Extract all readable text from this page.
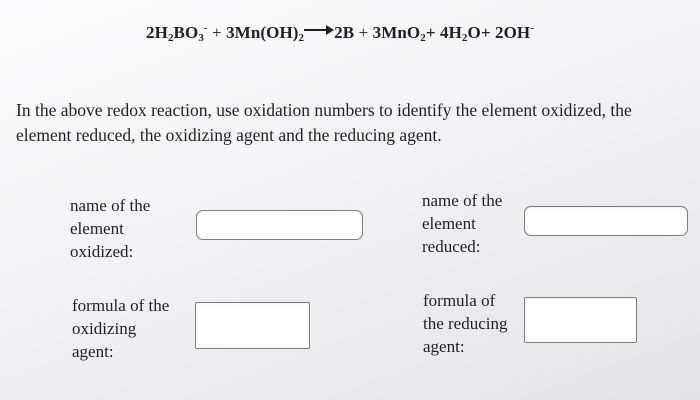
$2H_2BO_3^- + 3Mn(OH)_2$ $2B + 3MnO_2+ 4H_2O+ 2OH^-$
In the above redox reaction, use oxidation numbers to identify the element oxidized, the element reduced, the oxidizing agent and the reducing agent.
name of the
element
oxidized:
name of the
element
reduced:
formula of the
oxidizing
agent:
formula of
the reducing
agent:
